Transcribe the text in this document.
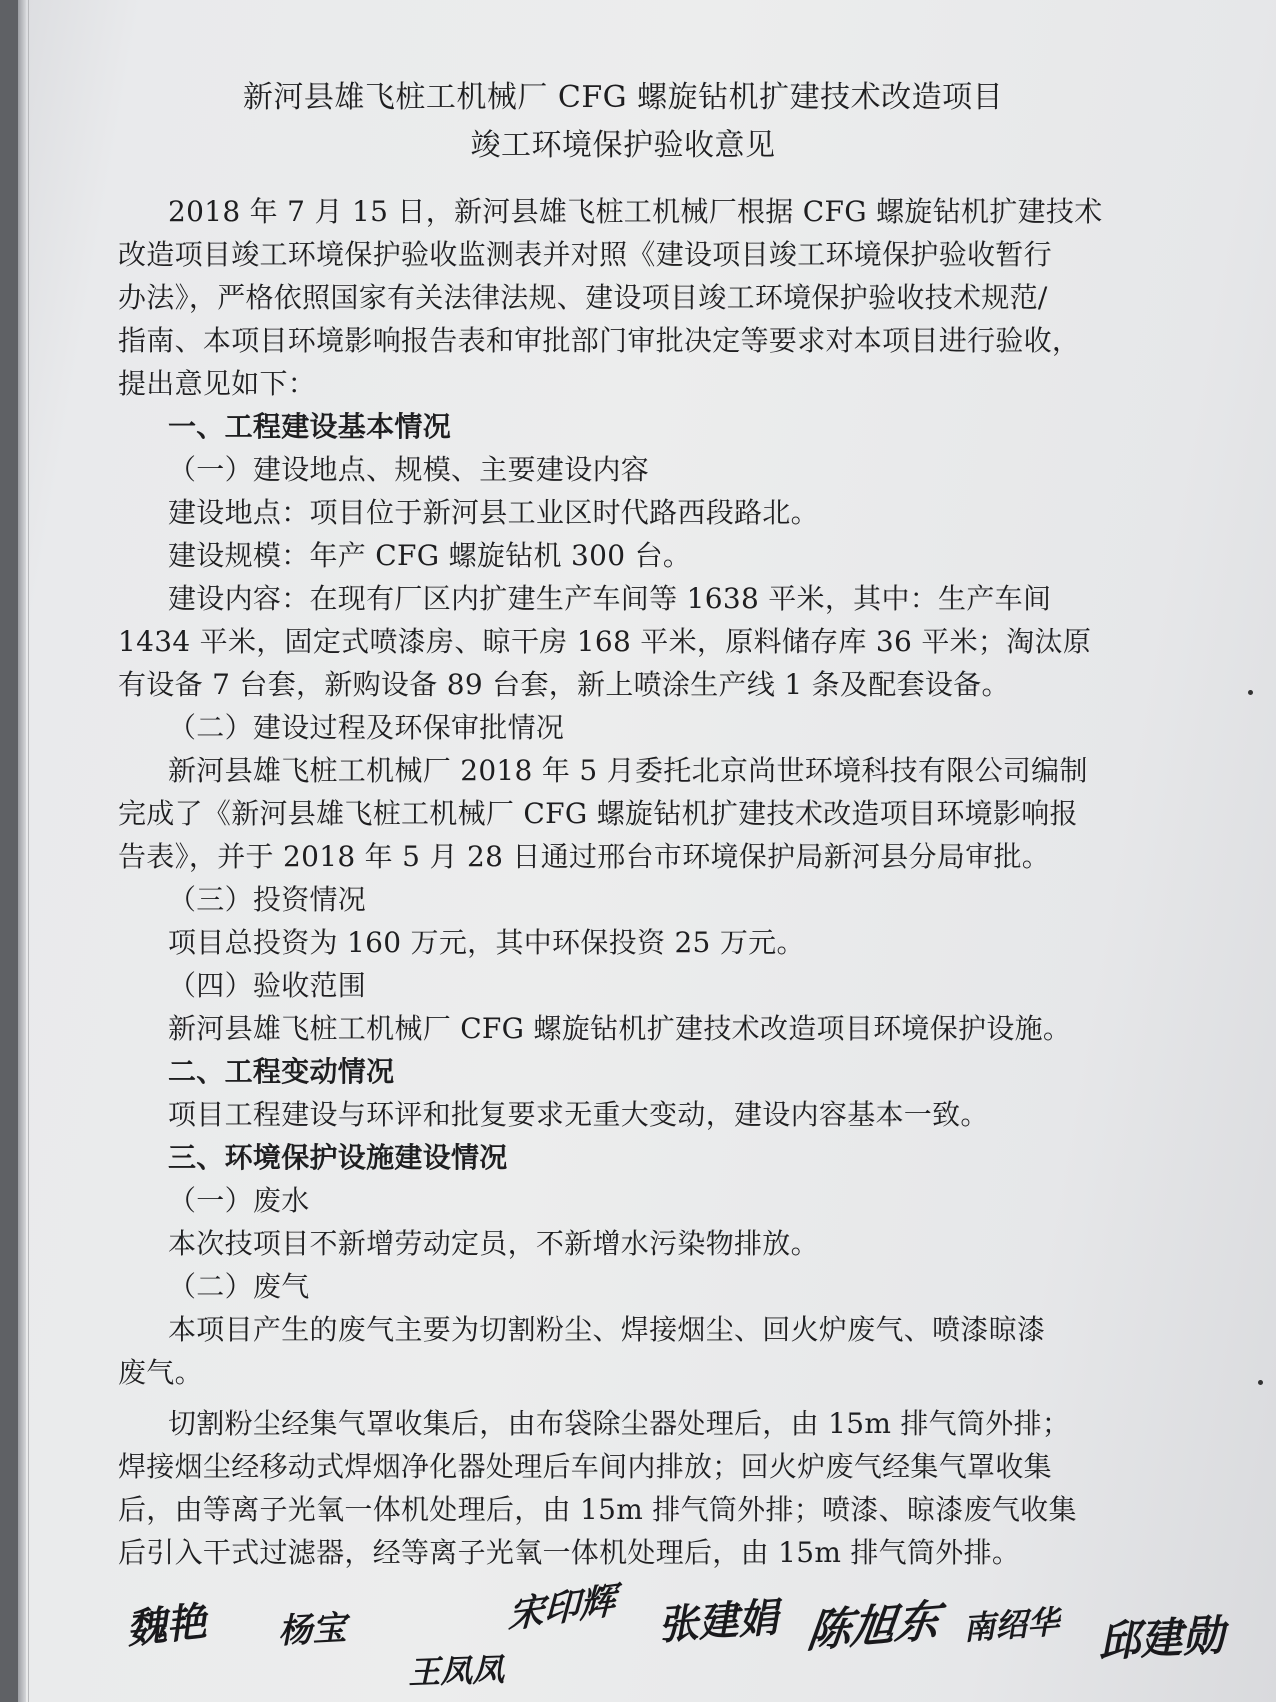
新河县雄飞桩工机械厂 CFG 螺旋钻机扩建技术改造项目
竣工环境保护验收意见

2018 年 7 月 15 日，新河县雄飞桩工机械厂根据 CFG 螺旋钻机扩建技术

改造项目竣工环境保护验收监测表并对照《建设项目竣工环境保护验收暂行

办法》，严格依照国家有关法律法规、建设项目竣工环境保护验收技术规范/

指南、本项目环境影响报告表和审批部门审批决定等要求对本项目进行验收，

提出意见如下：

一、工程建设基本情况

（一）建设地点、规模、主要建设内容

建设地点：项目位于新河县工业区时代路西段路北。

建设规模：年产 CFG 螺旋钻机 300 台。

建设内容：在现有厂区内扩建生产车间等 1638 平米，其中：生产车间

1434 平米，固定式喷漆房、晾干房 168 平米，原料储存库 36 平米；淘汰原

有设备 7 台套，新购设备 89 台套，新上喷涂生产线 1 条及配套设备。

（二）建设过程及环保审批情况

新河县雄飞桩工机械厂 2018 年 5 月委托北京尚世环境科技有限公司编制

完成了《新河县雄飞桩工机械厂 CFG 螺旋钻机扩建技术改造项目环境影响报

告表》，并于 2018 年 5 月 28 日通过邢台市环境保护局新河县分局审批。

（三）投资情况

项目总投资为 160 万元，其中环保投资 25 万元。

（四）验收范围

新河县雄飞桩工机械厂 CFG 螺旋钻机扩建技术改造项目环境保护设施。

二、工程变动情况

项目工程建设与环评和批复要求无重大变动，建设内容基本一致。

三、环境保护设施建设情况

（一）废水

本次技项目不新增劳动定员，不新增水污染物排放。

（二）废气

本项目产生的废气主要为切割粉尘、焊接烟尘、回火炉废气、喷漆晾漆

废气。

切割粉尘经集气罩收集后，由布袋除尘器处理后，由 15m 排气筒外排；

焊接烟尘经移动式焊烟净化器处理后车间内排放；回火炉废气经集气罩收集

后，由等离子光氧一体机处理后，由 15m 排气筒外排；喷漆、晾漆废气收集

后引入干式过滤器，经等离子光氧一体机处理后，由 15m 排气筒外排。

魏艳 杨宝
王凤凤
宋印辉 张建娟 陈旭东 南绍华 邱建勋
